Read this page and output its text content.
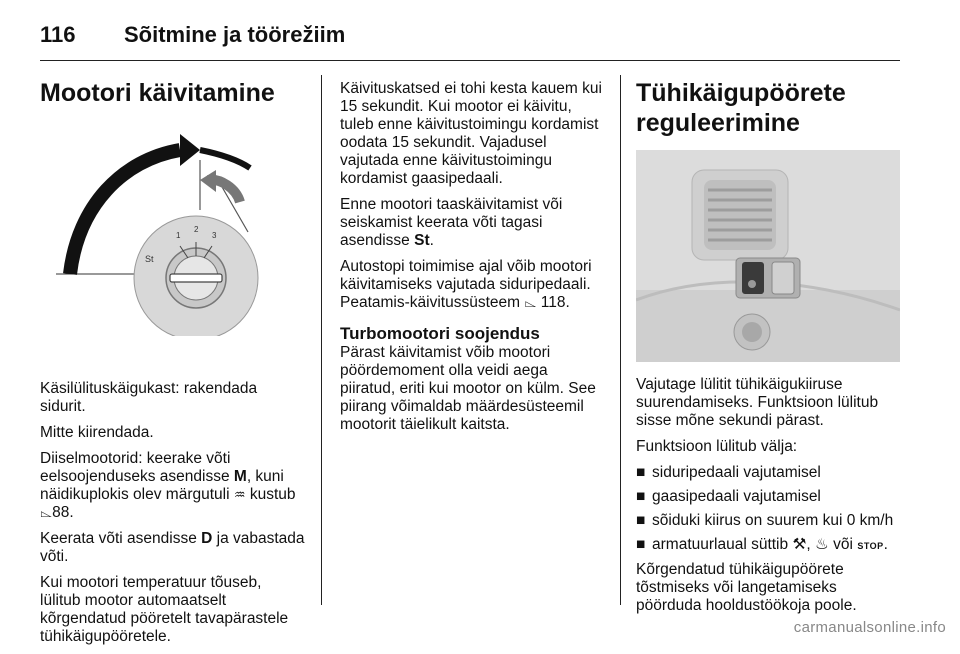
116 Sõitmine ja töörežiim
Mootori käivitamine
St
1
2
3

Käsilülituskäigukast: rakendada sidurit.

Mitte kiirendada.

Diiselmootorid: keerake võti eelsoojenduseks asendisse M, kuni näidikuplokis olev märgutuli ♒ kustub ⌳88.

Keerata võti asendisse D ja vabastada võti.

Kui mootori temperatuur tõuseb, lülitub mootor automaatselt kõrgendatud pööretelt tavapärastele tühikäigupööretele.

Käivituskatsed ei tohi kesta kauem kui 15 sekundit. Kui mootor ei käivitu, tuleb enne käivitustoimingu kordamist oodata 15 sekundit. Vajadusel vajutada enne käivitustoimingu kordamist gaasipedaali.

Enne mootori taaskäivitamist või seiskamist keerata võti tagasi asendisse St.

Autostopi toimimise ajal võib mootori käivitamiseks vajutada siduripedaali. Peatamis-käivitussüsteem ⌳ 118.

Turbomootori soojendus

Pärast käivitamist võib mootori pöördemoment olla veidi aega piiratud, eriti kui mootor on külm. See piirang võimaldab määrdesüsteemil mootorit täielikult kaitsta.

Tühikäigupöörete
reguleerimine

Vajutage lülitit tühikäigukiiruse suurendamiseks. Funktsioon lülitub sisse mõne sekundi pärast.

Funktsioon lülitub välja:

■ siduripedaali vajutamisel
■ gaasipedaali vajutamisel
■ sõiduki kiirus on suurem kui 0 km/h
■ armatuurlaual süttib ⚒, ♨ või STOP.

Kõrgendatud tühikäigupöörete tõstmiseks või langetamiseks pöörduda hooldustöökoja poole.

carmanualsonline.info
